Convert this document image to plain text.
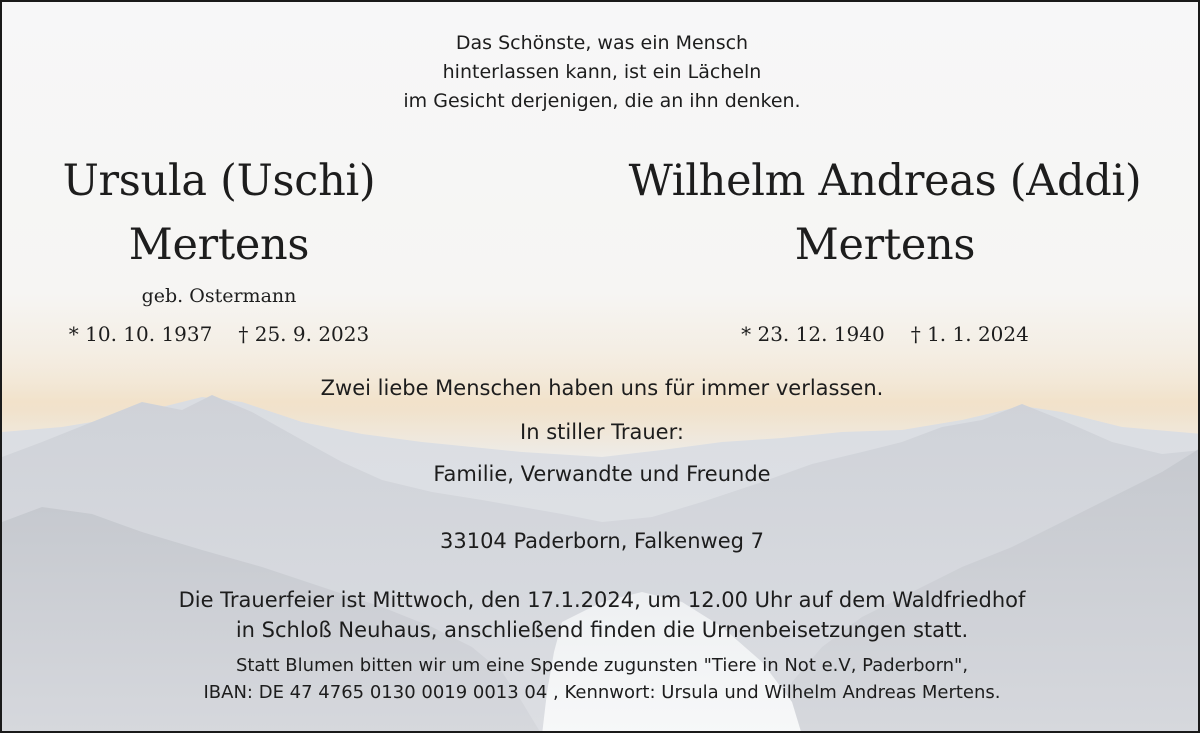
Das Schönste, was ein Mensch
hinterlassen kann, ist ein Lächeln
im Gesicht derjenigen, die an ihn denken.
Ursula (Uschi)
Mertens
geb. Ostermann
* 10. 10. 1937 † 25. 9. 2023
Wilhelm Andreas (Addi)
Mertens
* 23. 12. 1940 † 1. 1. 2024
Zwei liebe Menschen haben uns für immer verlassen.
In stiller Trauer:
Familie, Verwandte und Freunde
33104 Paderborn, Falkenweg 7
Die Trauerfeier ist Mittwoch, den 17.1.2024, um 12.00 Uhr auf dem Waldfriedhof
in Schloß Neuhaus, anschließend finden die Urnenbeisetzungen statt.
Statt Blumen bitten wir um eine Spende zugunsten "Tiere in Not e.V, Paderborn",
IBAN: DE 47 4765 0130 0019 0013 04 , Kennwort: Ursula und Wilhelm Andreas Mertens.
